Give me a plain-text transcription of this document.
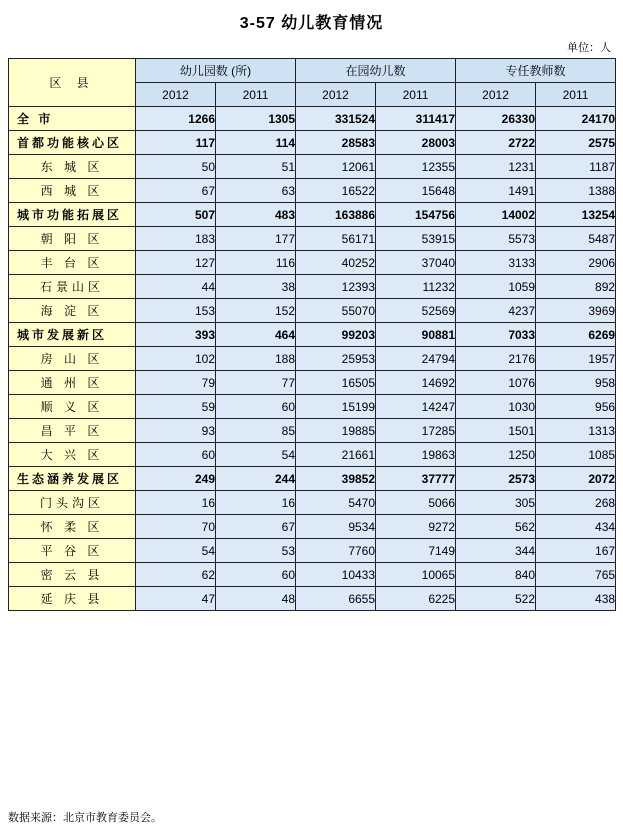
3-57 幼儿教育情况
单位：人
区 县	幼儿园数 (所)		在园幼儿数		专任教师数	
	2012	2011	2012	2011	2012	2011
全 市	1266	1305	331524	311417	26330	24170
首都功能核心区	117	114	28583	28003	2722	2575
东 城 区	50	51	12061	12355	1231	1187
西 城 区	67	63	16522	15648	1491	1388
城市功能拓展区	507	483	163886	154756	14002	13254
朝 阳 区	183	177	56171	53915	5573	5487
丰 台 区	127	116	40252	37040	3133	2906
石景山区	44	38	12393	11232	1059	892
海 淀 区	153	152	55070	52569	4237	3969
城市发展新区	393	464	99203	90881	7033	6269
房 山 区	102	188	25953	24794	2176	1957
通 州 区	79	77	16505	14692	1076	958
顺 义 区	59	60	15199	14247	1030	956
昌 平 区	93	85	19885	17285	1501	1313
大 兴 区	60	54	21661	19863	1250	1085
生态涵养发展区	249	244	39852	37777	2573	2072
门头沟区	16	16	5470	5066	305	268
怀 柔 区	70	67	9534	9272	562	434
平 谷 区	54	53	7760	7149	344	167
密 云 县	62	60	10433	10065	840	765
延 庆 县	47	48	6655	6225	522	438
数据来源：北京市教育委员会。
